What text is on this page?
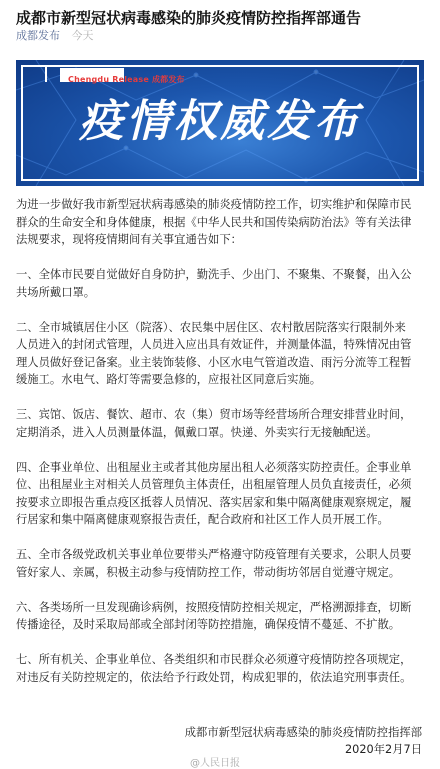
成都市新型冠状病毒感染的肺炎疫情防控指挥部通告
成都发布 今天
Chengdu Release 成都发布
疫情权威发布
为进一步做好我市新型冠状病毒感染的肺炎疫情防控工作，切实维护和保障市民
群众的生命安全和身体健康，根据《中华人民共和国传染病防治法》等有关法律
法规要求，现将疫情期间有关事宜通告如下：
一、全体市民要自觉做好自身防护，勤洗手、少出门、不聚集、不聚餐，出入公
共场所戴口罩。
二、全市城镇居住小区（院落）、农民集中居住区、农村散居院落实行限制外来
人员进入的封闭式管理，人员进入应出具有效证件，并测量体温，特殊情况由管
理人员做好登记备案。业主装饰装修、小区水电气管道改造、雨污分流等工程暂
缓施工。水电气、路灯等需要急修的，应报社区同意后实施。
三、宾馆、饭店、餐饮、超市、农（集）贸市场等经营场所合理安排营业时间，
定期消杀，进入人员测量体温，佩戴口罩。快递、外卖实行无接触配送。
四、企事业单位、出租屋业主或者其他房屋出租人必须落实防控责任。企事业单
位、出租屋业主对相关人员管理负主体责任，出租屋管理人员负直接责任，必须
按要求立即报告重点疫区抵蓉人员情况、落实居家和集中隔离健康观察规定，履
行居家和集中隔离健康观察报告责任，配合政府和社区工作人员开展工作。
五、全市各级党政机关事业单位要带头严格遵守防疫管理有关要求，公职人员要
管好家人、亲属，积极主动参与疫情防控工作，带动街坊邻居自觉遵守规定。
六、各类场所一旦发现确诊病例，按照疫情防控相关规定，严格溯源排查，切断
传播途径，及时采取局部或全部封闭等防控措施，确保疫情不蔓延、不扩散。
七、所有机关、企事业单位、各类组织和市民群众必须遵守疫情防控各项规定，
对违反有关防控规定的，依法给予行政处罚，构成犯罪的，依法追究刑事责任。
成都市新型冠状病毒感染的肺炎疫情防控指挥部
2020年2月7日
@人民日报
